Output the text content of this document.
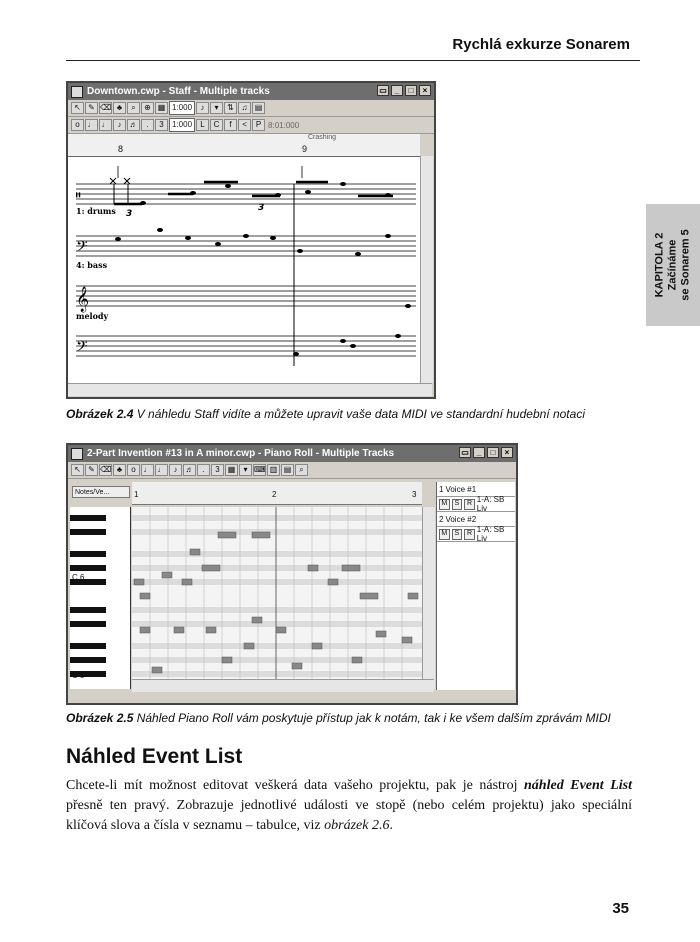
Rychlá exkurze Sonarem
KAPITOLA 2 Začínáme se Sonarem 5
Downtown.cwp - Staff - Multiple tracks	▭ _	□	×
↖ ✎ ⌫ ♣	⌕	⊕ ▦ 1:000	♪	▾	⇅ ♫ ▤
o ♩ ♩	♪	♬	.	3	1:000	L	C	f	<	P 8:01:000
Crashing
8	9
𝄥
𝄢
𝄞
𝄢
3
3
1: drums
4: bass
melody
Obrázek 2.4 V náhledu Staff vidíte a můžete upravit vaše data MIDI ve standardní hudební notaci
2-Part Invention #13 in A minor.cwp - Piano Roll - Multiple Tracks	▭ _	□	×
↖ ✎ ⌫ ♣	o ♩ ♩	♪	♬	.	3	▦	▾ ⌨ ▥ ▤ ⌕
Notes/Ve...	1	2	3
C 6
C 5
1 Voice #1
M	S	R 1-A: SB Liv
2 Voice #2
M	S	R 1-A: SB Liv
Obrázek 2.5 Náhled Piano Roll vám poskytuje přístup jak k notám, tak i ke všem dalším zprávám MIDI
Náhled Event List
Chcete-li mít možnost editovat veškerá data vašeho projektu, pak je nástroj náhled Event List přesně ten pravý. Zobrazuje jednotlivé události ve stopě (nebo celém projektu) jako speciální klíčová slova a čísla v seznamu – tabulce, viz obrázek 2.6.
35
